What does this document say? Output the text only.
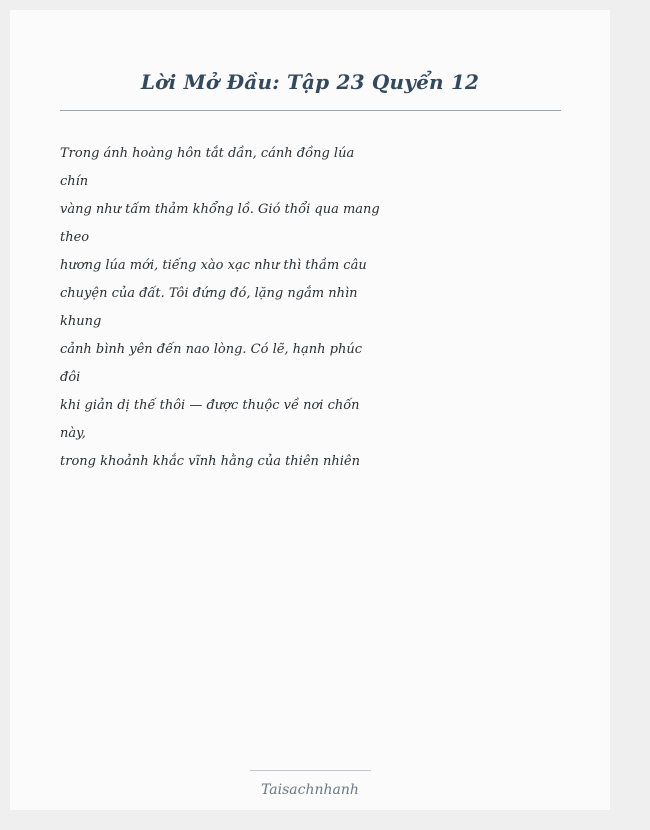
Lời Mở Đầu: Tập 23 Quyển 12
Trong ánh hoàng hôn tắt dần, cánh đồng lúa
chín
vàng như tấm thảm khổng lồ. Gió thổi qua mang
theo
hương lúa mới, tiếng xào xạc như thì thầm câu
chuyện của đất. Tôi đứng đó, lặng ngắm nhìn
khung
cảnh bình yên đến nao lòng. Có lẽ, hạnh phúc
đôi
khi giản dị thế thôi — được thuộc về nơi chốn
này,
trong khoảnh khắc vĩnh hằng của thiên nhiên
Taisachnhanh
